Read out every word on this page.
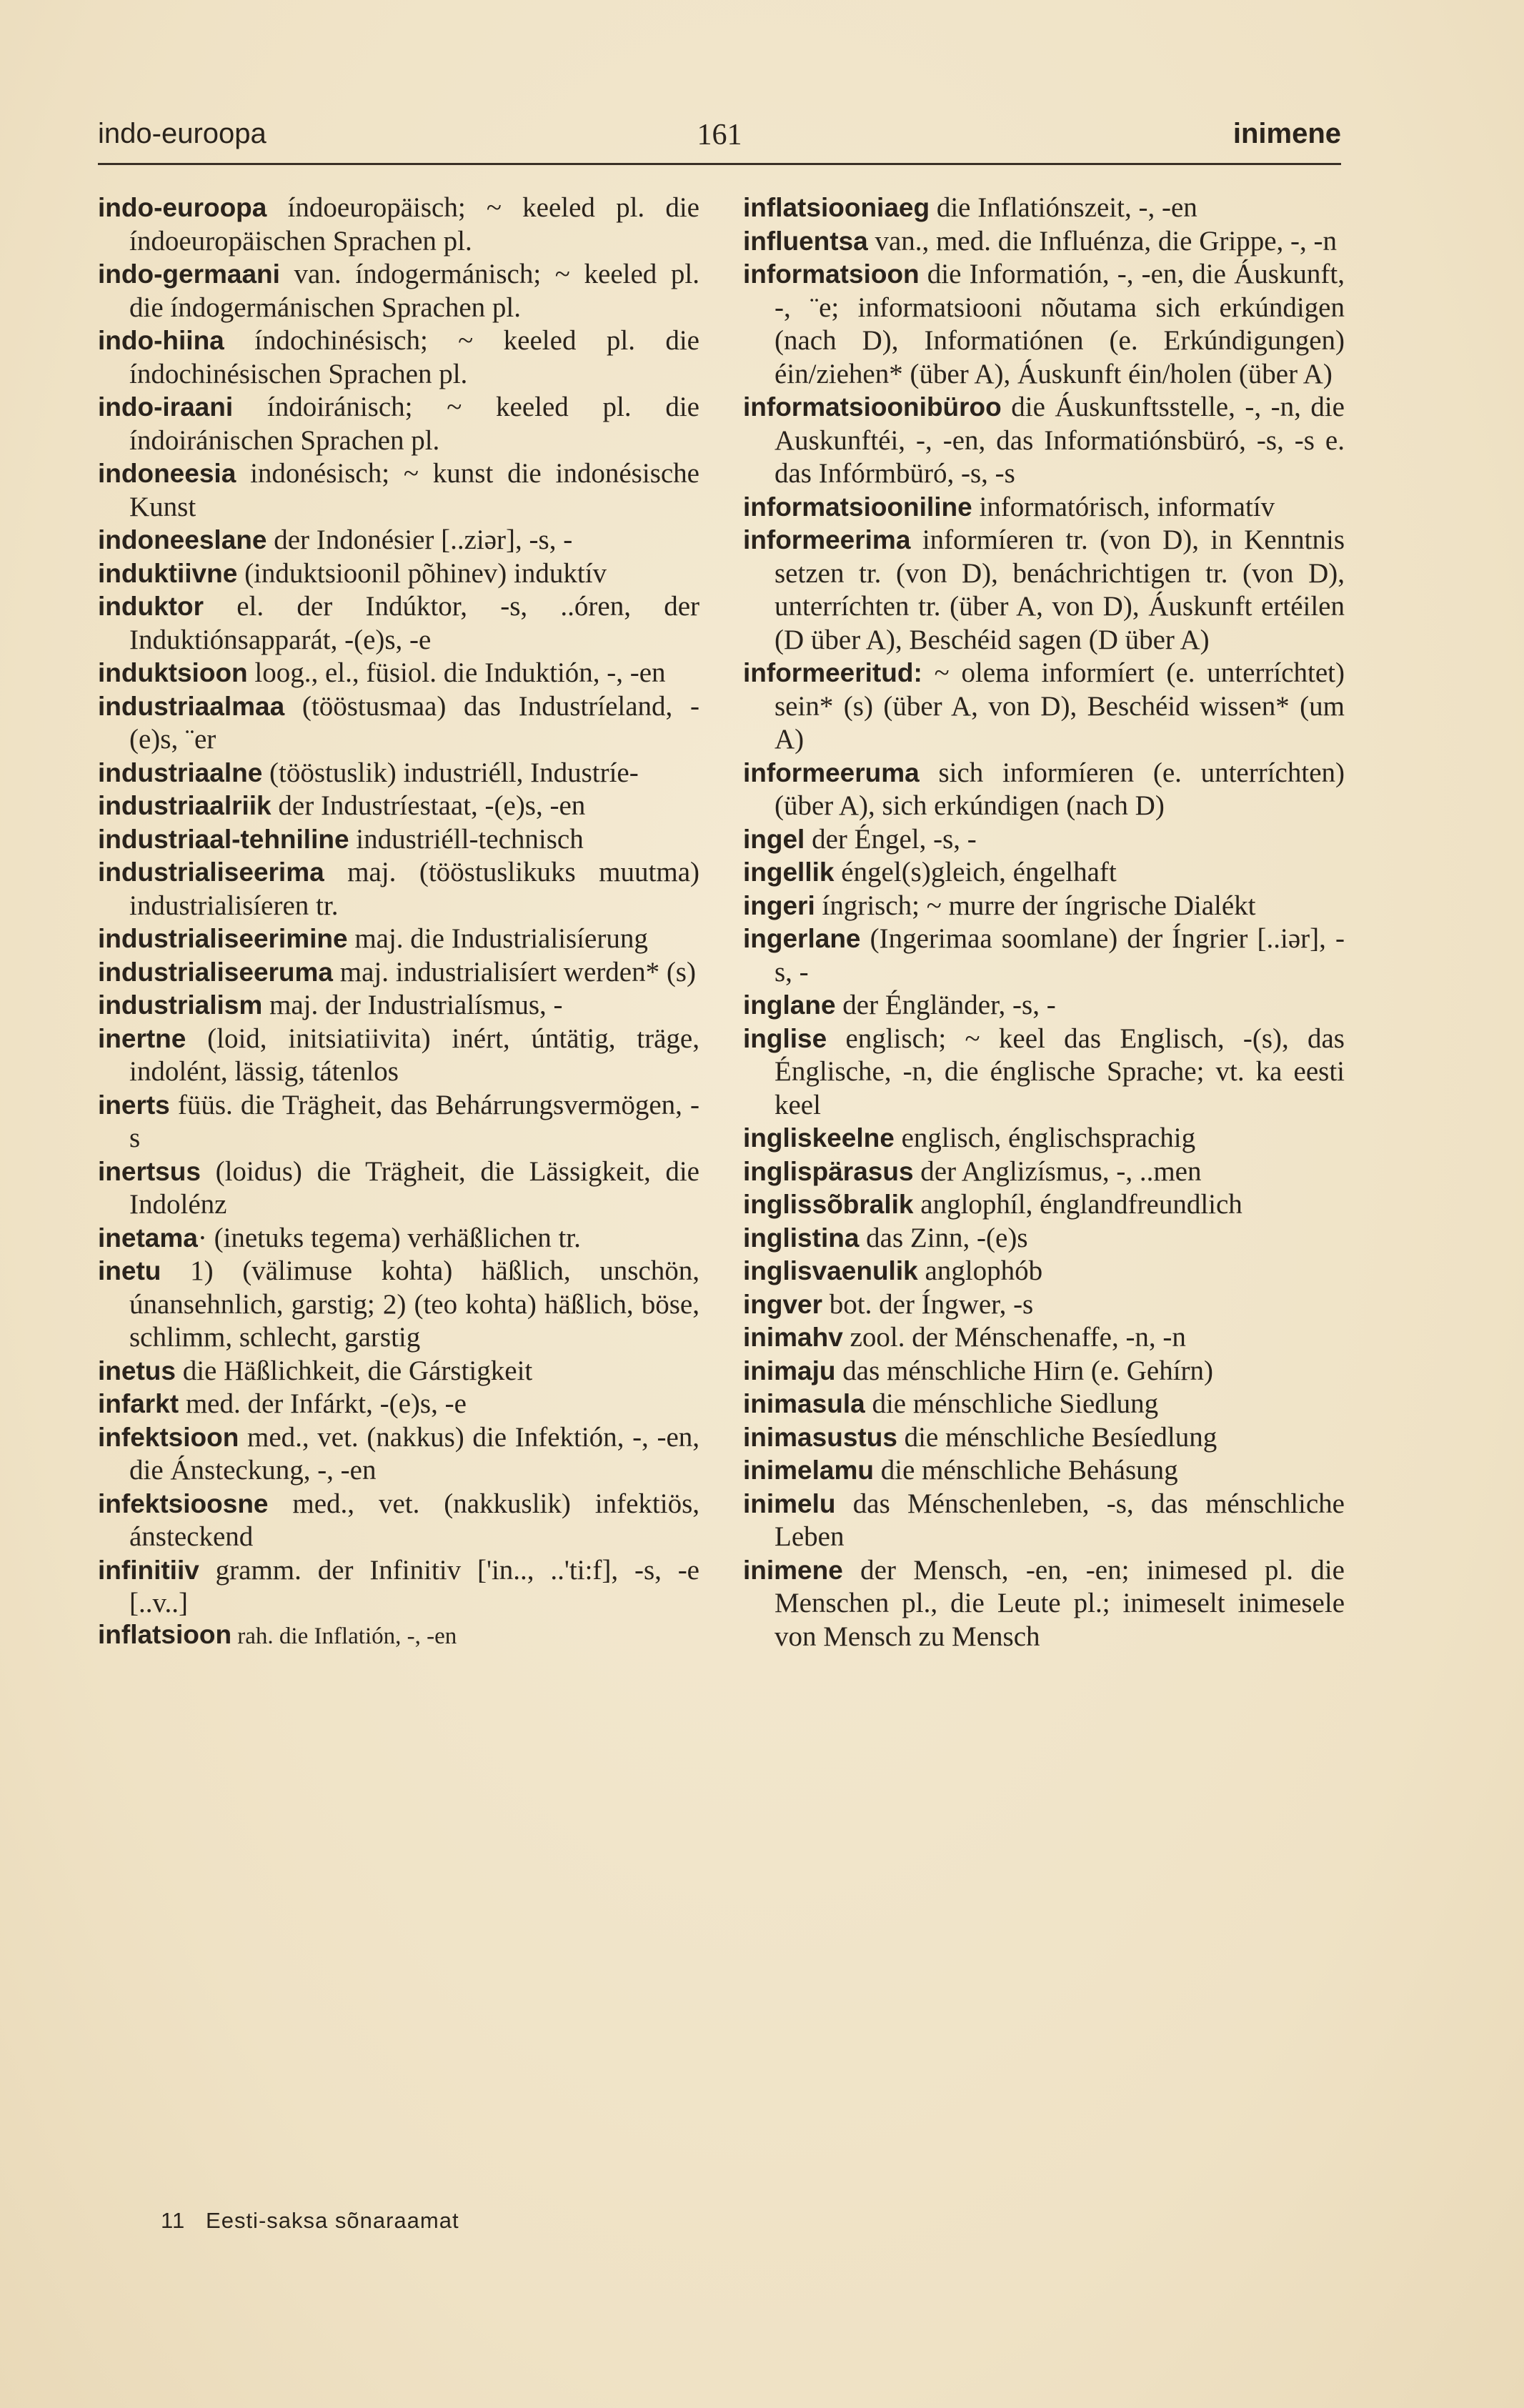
indo-euroopa	161	inimene

indo-euroopa índoeuropäisch; ~ keeled pl. die índoeuropäischen Sprachen pl.

indo-germaani van. índogermánisch; ~ keeled pl. die índogermánischen Sprachen pl.

indo-hiina índochinésisch; ~ keeled pl. die índochinésischen Sprachen pl.

indo-iraani índoiránisch; ~ keeled pl. die índoiránischen Sprachen pl.

indoneesia indonésisch; ~ kunst die indonésische Kunst

indoneeslane der Indonésier [..ziər], -s, -

induktiivne (induktsioonil põhinev) induktív

induktor el. der Indúktor, -s, ..óren, der Induktiónsapparát, -(e)s, -e

induktsioon loog., el., füsiol. die Induktión, -, -en

industriaalmaa (tööstusmaa) das Industríeland, -(e)s, ¨er

industriaalne (tööstuslik) industriéll, Industríe-

industriaalriik der Industríestaat, -(e)s, -en

industriaal-tehniline industriéll-technisch

industrialiseerima maj. (tööstuslikuks muutma) industrialisíeren tr.

industrialiseerimine maj. die Industrialisíerung

industrialiseeruma maj. industrialisíert werden* (s)

industrialism maj. der Industrialísmus, -

inertne (loid, initsiatiivita) inért, úntätig, träge, indolént, lässig, tátenlos

inerts füüs. die Trägheit, das Behárrungsvermögen, -s

inertsus (loidus) die Trägheit, die Lässigkeit, die Indolénz

inetama· (inetuks tegema) verhäßlichen tr.

inetu 1) (välimuse kohta) häßlich, unschön, únansehnlich, garstig; 2) (teo kohta) häßlich, böse, schlimm, schlecht, garstig

inetus die Häßlichkeit, die Gárstigkeit

infarkt med. der Infárkt, -(e)s, -e

infektsioon med., vet. (nakkus) die Infektión, -, -en, die Ánsteckung, -, -en

infektsioosne med., vet. (nakkuslik) infektiös, ánsteckend

infinitiiv gramm. der Infinitiv ['in.., ..'ti:f], -s, -e [..v..]

inflatsioon rah. die Inflatión, -, -en

inflatsiooniaeg die Inflatiónszeit, -, -en

influentsa van., med. die Influénza, die Grippe, -, -n

informatsioon die Informatión, -, -en, die Áuskunft, -, ¨e; informatsiooni nõutama sich erkúndigen (nach D), Informatiónen (e. Erkúndigungen) éin/ziehen* (über A), Áuskunft éin/holen (über A)

informatsioonibüroo die Áuskunftsstelle, -, -n, die Auskunftéi, -, -en, das Informatiónsbüró, -s, -s e. das Infórmbüró, -s, -s

informatsiooniline informatórisch, informatív

informeerima informíeren tr. (von D), in Kenntnis setzen tr. (von D), benáchrichtigen tr. (von D), unterríchten tr. (über A, von D), Áuskunft ertéilen (D über A), Beschéid sagen (D über A)

informeeritud: ~ olema informíert (e. unterríchtet) sein* (s) (über A, von D), Beschéid wissen* (um A)

informeeruma sich informíeren (e. unterríchten) (über A), sich erkúndigen (nach D)

ingel der Éngel, -s, -

ingellik éngel(s)gleich, éngelhaft

ingeri íngrisch; ~ murre der íngrische Dialékt

ingerlane (Ingerimaa soomlane) der Íngrier [..iər], -s, -

inglane der Éngländer, -s, -

inglise englisch; ~ keel das Englisch, -(s), das Énglische, -n, die énglische Sprache; vt. ka eesti keel

ingliskeelne englisch, énglischsprachig

inglispärasus der Anglizísmus, -, ..men

inglissõbralik anglophíl, énglandfreundlich

inglistina das Zinn, -(e)s

inglisvaenulik anglophób

ingver bot. der Íngwer, -s

inimahv zool. der Ménschenaffe, -n, -n

inimaju das ménschliche Hirn (e. Gehírn)

inimasula die ménschliche Siedlung

inimasustus die ménschliche Besíedlung

inimelamu die ménschliche Behásung

inimelu das Ménschenleben, -s, das ménschliche Leben

inimene der Mensch, -en, -en; inimesed pl. die Menschen pl., die Leute pl.; inimeselt inimesele von Mensch zu Mensch

11 Eesti-saksa sõnaraamat
